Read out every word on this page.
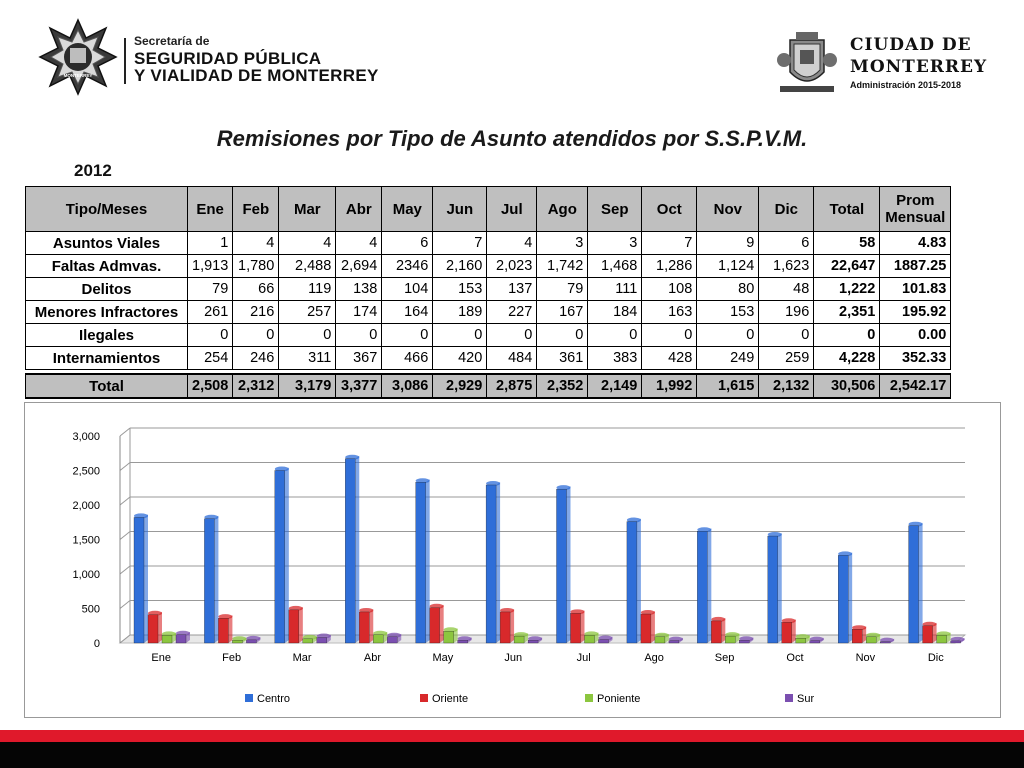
MONTERREY
Secretaría de
SEGURIDAD PÚBLICA
Y VIALIDAD DE MONTERREY
CIUDAD DE
MONTERREY
Administración 2015-2018
Remisiones por Tipo de Asunto atendidos por S.S.P.V.M.
2012
Tipo/Meses	Ene	Feb	Mar	Abr	May	Jun	Jul	Ago	Sep	Oct	Nov	Dic	Total	Prom Mensual
Asuntos Viales	1	4	4	4	6	7	4	3	3	7	9	6	58	4.83
Faltas Admvas.	1,913	1,780	2,488	2,694	2346	2,160	2,023	1,742	1,468	1,286	1,124	1,623	22,647	1887.25
Delitos	79	66	119	138	104	153	137	79	111	108	80	48	1,222	101.83
Menores Infractores	261	216	257	174	164	189	227	167	184	163	153	196	2,351	195.92
Ilegales	0	0	0	0	0	0	0	0	0	0	0	0	0	0.00
Internamientos	254	246	311	367	466	420	484	361	383	428	249	259	4,228	352.33

Total	2,508	2,312	3,179	3,377	3,086	2,929	2,875	2,352	2,149	1,992	1,615	2,132	30,506	2,542.17
0
500
1,000
1,500
2,000
2,500
3,000
Ene	Feb	Mar	Abr	May	Jun	Jul	Ago	Sep	Oct	Nov	Dic
Centro	Oriente	Poniente	Sur
